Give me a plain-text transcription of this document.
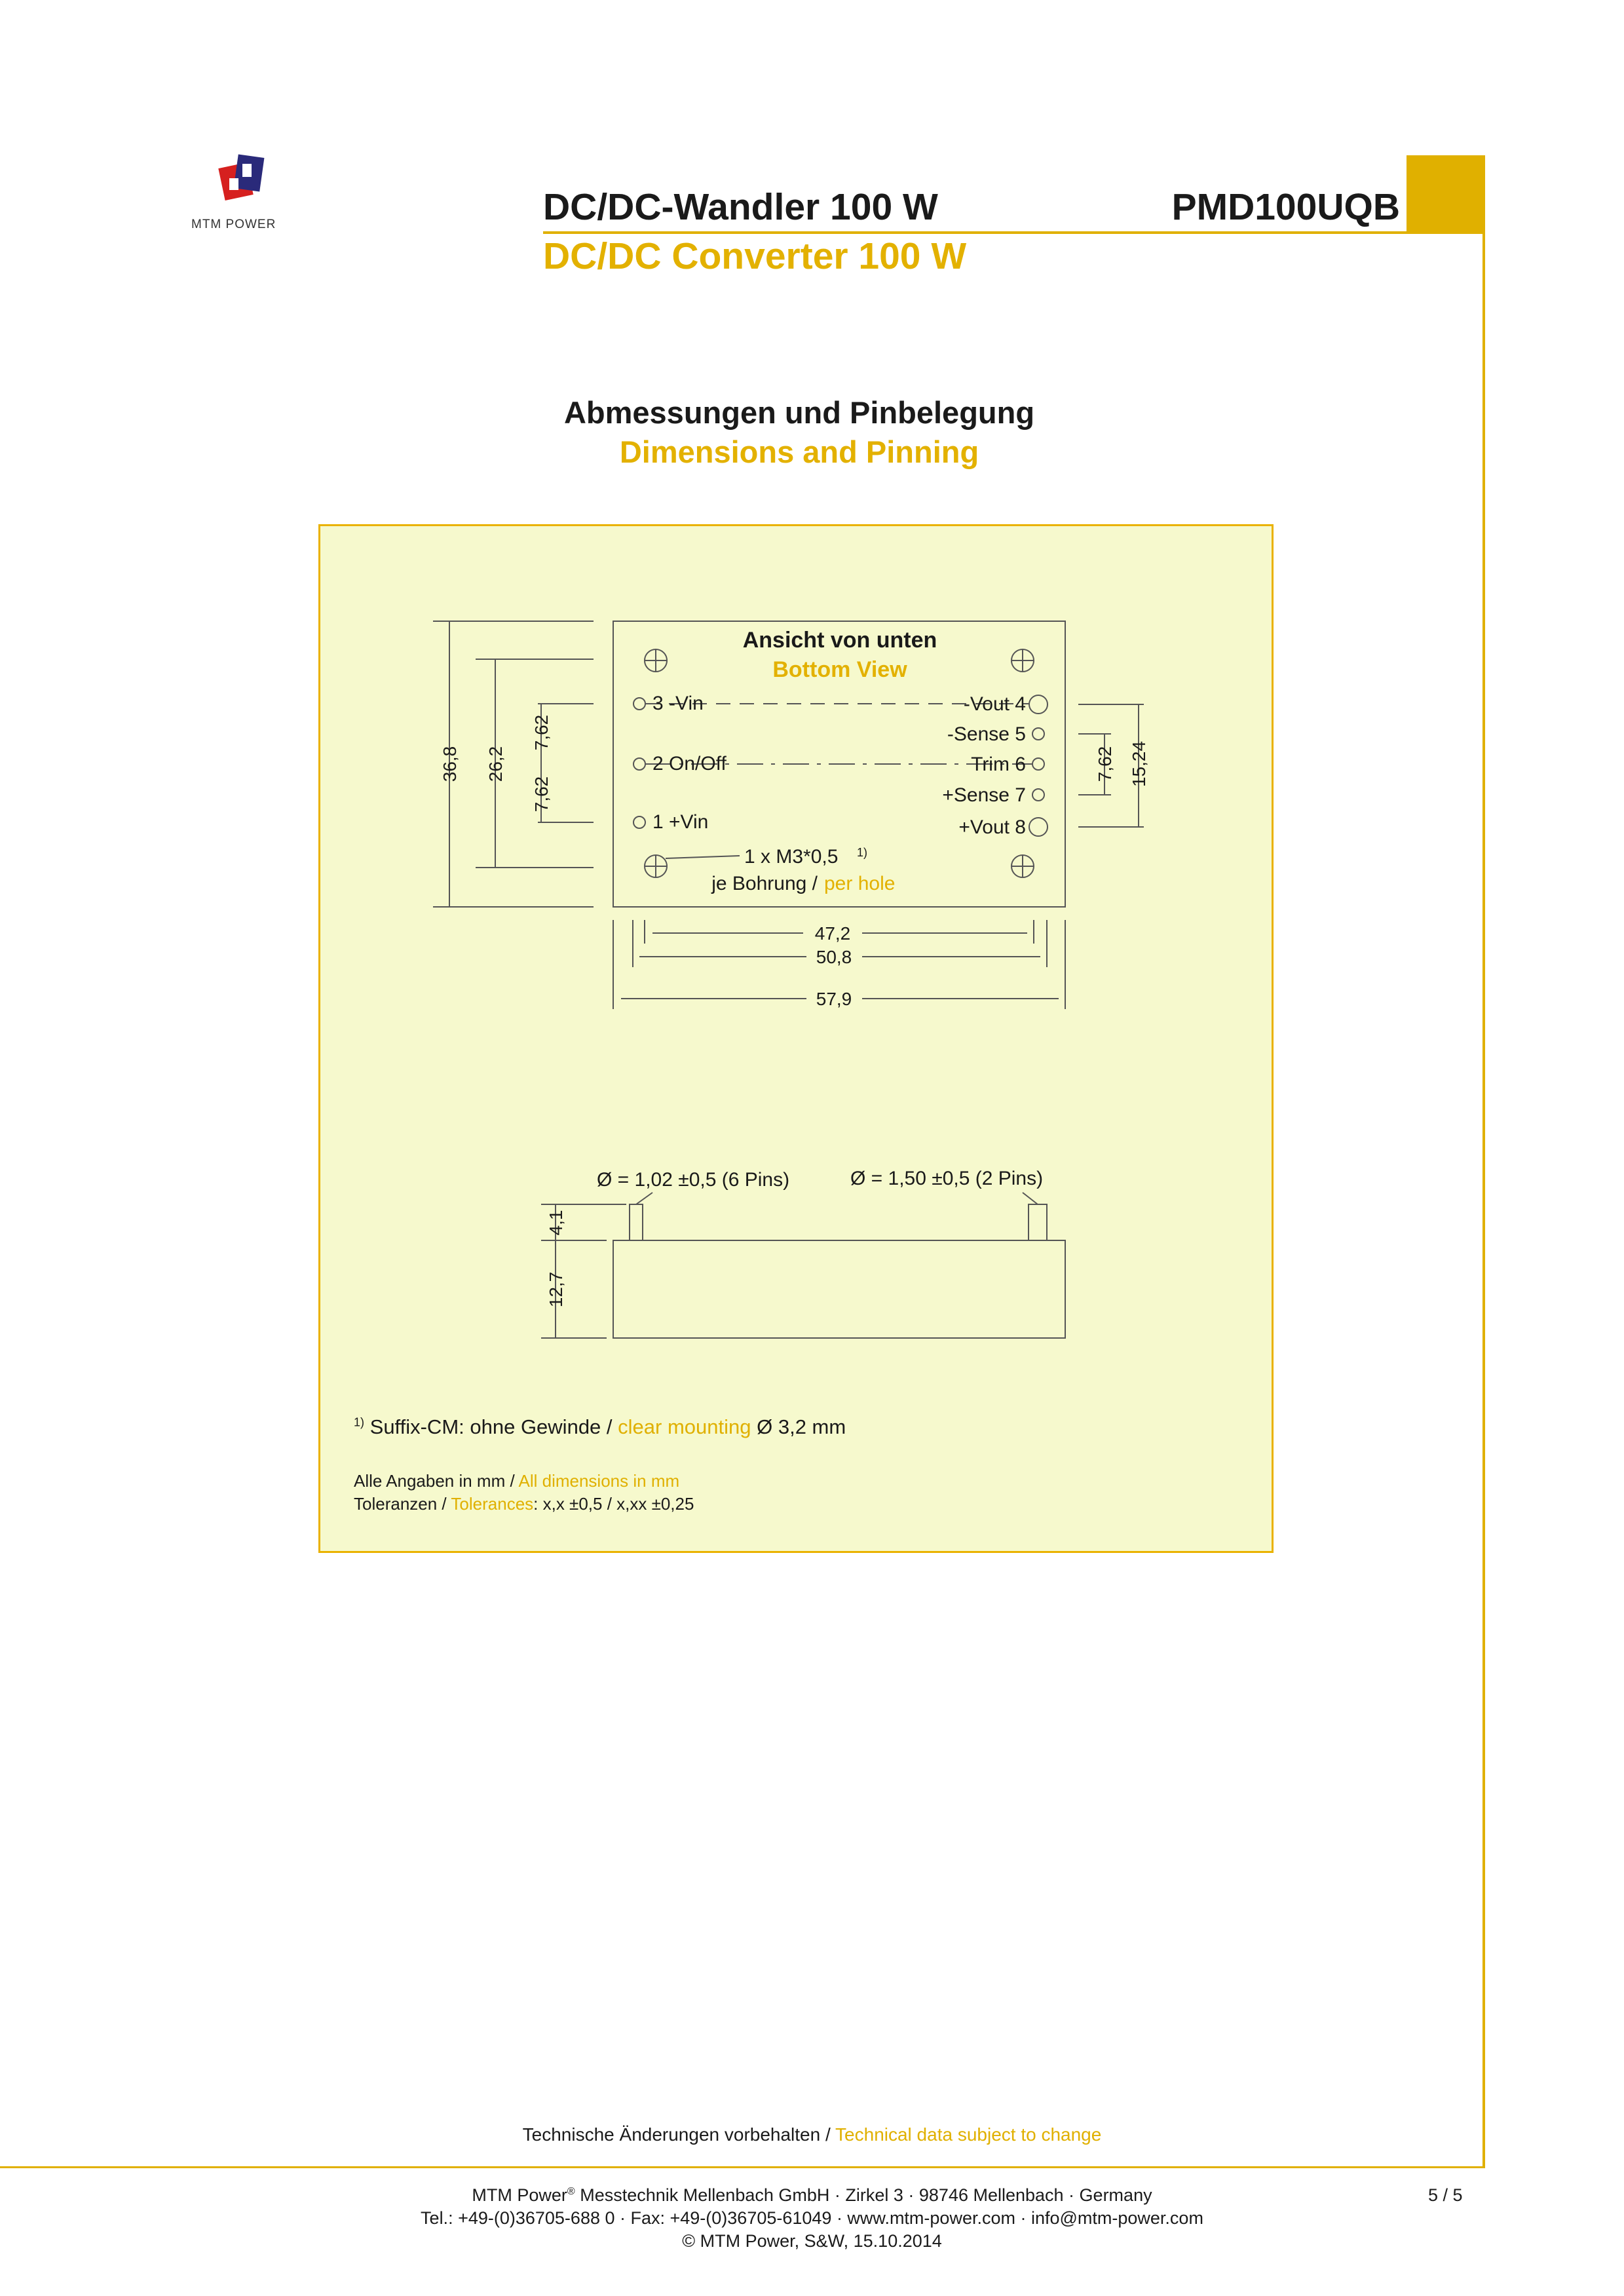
MTM POWER	DC/DC-Wandler 100 W	PMD100UQB
DC/DC Converter 100 W
Abmessungen und Pinbelegung
Dimensions and Pinning
Ansicht von unten
Bottom View
3 -Vin
2 On/Off
1 +Vin
-Vout 4
-Sense 5
Trim 6
+Sense 7
+Vout 8
1 x M3*0,5 1)
je Bohrung / per hole
36,8 26,2
7,62
7,62
7,62 15,24
47,2
50,8
57,9
Ø = 1,02 ±0,5 (6 Pins)	Ø = 1,50 ±0,5 (2 Pins)
4,1
12,7
$^{1)}$ Suffix-CM: ohne Gewinde / clear mounting Ø 3,2 mm
Alle Angaben in mm / All dimensions in mm
Toleranzen / Tolerances: x,x ±0,5 / x,xx ±0,25
Technische Änderungen vorbehalten / Technical data subject to change
MTM Power® Messtechnik Mellenbach GmbH · Zirkel 3 · 98746 Mellenbach · Germany
Tel.: +49-(0)36705-688 0 · Fax: +49-(0)36705-61049 · www.mtm-power.com · info@mtm-power.com
© MTM Power, S&W, 15.10.2014
5 / 5
